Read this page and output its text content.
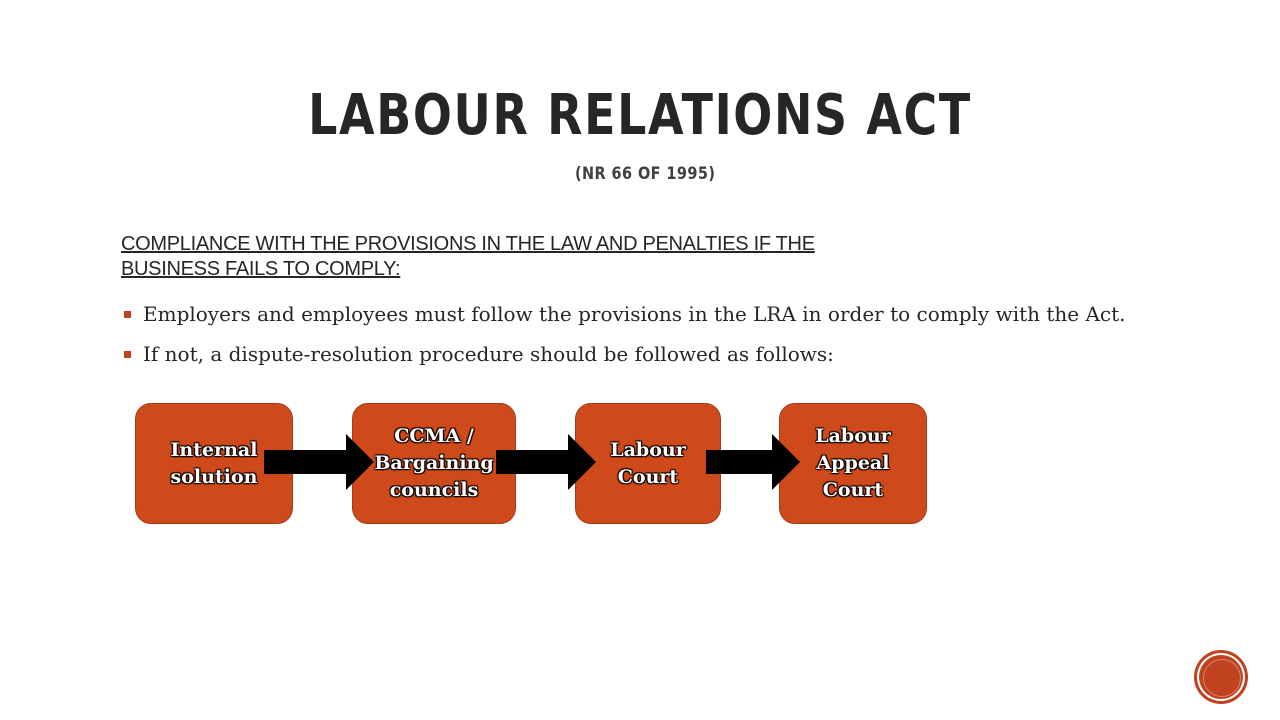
LABOUR RELATIONS ACT
(NR 66 OF 1995)
COMPLIANCE WITH THE PROVISIONS IN THE LAW AND PENALTIES IF THE
BUSINESS FAILS TO COMPLY:
Employers and employees must follow the provisions in the LRA in order to comply with the Act.
If not, a dispute-resolution procedure should be followed as follows:
Internal
solution
CCMA /
Bargaining
councils
Labour
Court
Labour
Appeal
Court
